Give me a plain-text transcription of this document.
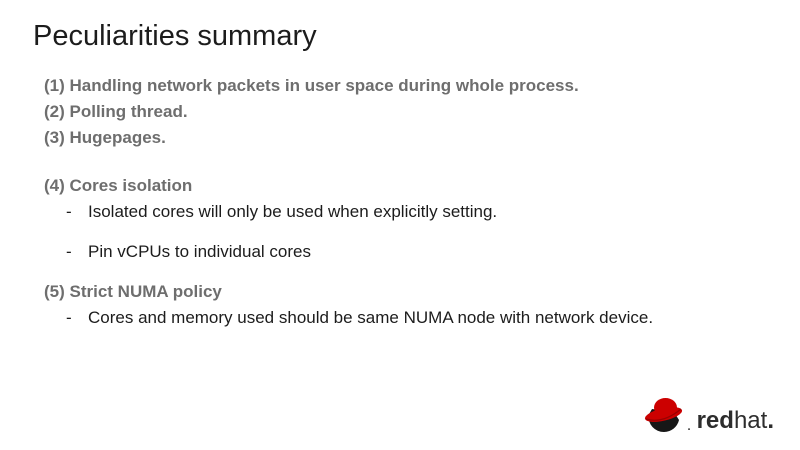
Peculiarities summary
(1) Handling network packets in user space during whole process.
(2) Polling thread.
(3) Hugepages.
(4) Cores isolation
- Isolated cores will only be used when explicitly setting.
- Pin vCPUs to individual cores
(5) Strict NUMA policy
- Cores and memory used should be same NUMA node with network device.
. redhat.
